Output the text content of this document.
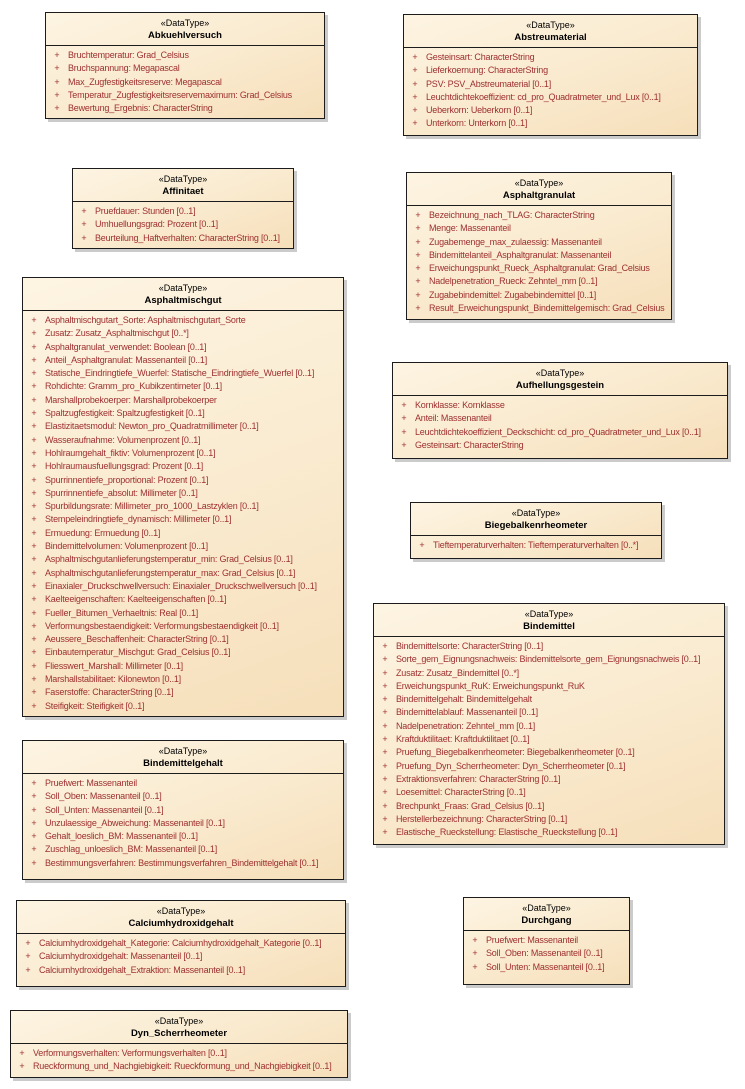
«DataType»
Abkuehlversuch
+ Bruchtemperatur: Grad_Celsius
+ Bruchspannung: Megapascal
+ Max_Zugfestigkeitsreserve: Megapascal
+ Temperatur_Zugfestigkeitsreservemaximum: Grad_Celsius
+ Bewertung_Ergebnis: CharacterString
«DataType»
Abstreumaterial
+ Gesteinsart: CharacterString
+ Lieferkoernung: CharacterString
+ PSV: PSV_Abstreumaterial [0..1]
+ Leuchtdichtekoeffizient: cd_pro_Quadratmeter_und_Lux [0..1]
+ Ueberkorn: Ueberkorn [0..1]
+ Unterkorn: Unterkorn [0..1]
«DataType»
Affinitaet
+ Pruefdauer: Stunden [0..1]
+ Umhuellungsgrad: Prozent [0..1]
+ Beurteilung_Haftverhalten: CharacterString [0..1]
«DataType»
Asphaltgranulat
+ Bezeichnung_nach_TLAG: CharacterString
+ Menge: Massenanteil
+ Zugabemenge_max_zulaessig: Massenanteil
+ Bindemittelanteil_Asphaltgranulat: Massenanteil
+ Erweichungspunkt_Rueck_Asphaltgranulat: Grad_Celsius
+ Nadelpenetration_Rueck: Zehntel_mm [0..1]
+ Zugabebindemittel: Zugabebindemittel [0..1]
+ Result_Erweichungspunkt_Bindemittelgemisch: Grad_Celsius
«DataType»
Asphaltmischgut
+ Asphaltmischgutart_Sorte: Asphaltmischgutart_Sorte
+ Zusatz: Zusatz_Asphaltmischgut [0..*]
+ Asphaltgranulat_verwendet: Boolean [0..1]
+ Anteil_Asphaltgranulat: Massenanteil [0..1]
+ Statische_Eindringtiefe_Wuerfel: Statische_Eindringtiefe_Wuerfel [0..1]
+ Rohdichte: Gramm_pro_Kubikzentimeter [0..1]
+ Marshallprobekoerper: Marshallprobekoerper
+ Spaltzugfestigkeit: Spaltzugfestigkeit [0..1]
+ Elastizitaetsmodul: Newton_pro_Quadratmillimeter [0..1]
+ Wasseraufnahme: Volumenprozent [0..1]
+ Hohlraumgehalt_fiktiv: Volumenprozent [0..1]
+ Hohlraumausfuellungsgrad: Prozent [0..1]
+ Spurrinnentiefe_proportional: Prozent [0..1]
+ Spurrinnentiefe_absolut: Millimeter [0..1]
+ Spurbildungsrate: Millimeter_pro_1000_Lastzyklen [0..1]
+ Stempeleindringtiefe_dynamisch: Millimeter [0..1]
+ Ermuedung: Ermuedung [0..1]
+ Bindemittelvolumen: Volumenprozent [0..1]
+ Asphaltmischgutanlieferungstemperatur_min: Grad_Celsius [0..1]
+ Asphaltmischgutanlieferungstemperatur_max: Grad_Celsius [0..1]
+ Einaxialer_Druckschwellversuch: Einaxialer_Druckschwellversuch [0..1]
+ Kaelteeigenschaften: Kaelteeigenschaften [0..1]
+ Fueller_Bitumen_Verhaeltnis: Real [0..1]
+ Verformungsbestaendigkeit: Verformungsbestaendigkeit [0..1]
+ Aeussere_Beschaffenheit: CharacterString [0..1]
+ Einbautemperatur_Mischgut: Grad_Celsius [0..1]
+ Fliesswert_Marshall: Millimeter [0..1]
+ Marshallstabilitaet: Kilonewton [0..1]
+ Faserstoffe: CharacterString [0..1]
+ Steifigkeit: Steifigkeit [0..1]
«DataType»
Aufhellungsgestein
+ Kornklasse: Kornklasse
+ Anteil: Massenanteil
+ Leuchtdichtekoeffizient_Deckschicht: cd_pro_Quadratmeter_und_Lux [0..1]
+ Gesteinsart: CharacterString
«DataType»
Biegebalkenrheometer
+ Tieftemperaturverhalten: Tieftemperaturverhalten [0..*]
«DataType»
Bindemittel
+ Bindemittelsorte: CharacterString [0..1]
+ Sorte_gem_Eignungsnachweis: Bindemittelsorte_gem_Eignungsnachweis [0..1]
+ Zusatz: Zusatz_Bindemittel [0..*]
+ Erweichungspunkt_RuK: Erweichungspunkt_RuK
+ Bindemittelgehalt: Bindemittelgehalt
+ Bindemittelablauf: Massenanteil [0..1]
+ Nadelpenetration: Zehntel_mm [0..1]
+ Kraftduktilitaet: Kraftduktilitaet [0..1]
+ Pruefung_Biegebalkenrheometer: Biegebalkenrheometer [0..1]
+ Pruefung_Dyn_Scherrheometer: Dyn_Scherrheometer [0..1]
+ Extraktionsverfahren: CharacterString [0..1]
+ Loesemittel: CharacterString [0..1]
+ Brechpunkt_Fraas: Grad_Celsius [0..1]
+ Herstellerbezeichnung: CharacterString [0..1]
+ Elastische_Rueckstellung: Elastische_Rueckstellung [0..1]
«DataType»
Bindemittelgehalt
+ Pruefwert: Massenanteil
+ Soll_Oben: Massenanteil [0..1]
+ Soll_Unten: Massenanteil [0..1]
+ Unzulaessige_Abweichung: Massenanteil [0..1]
+ Gehalt_loeslich_BM: Massenanteil [0..1]
+ Zuschlag_unloeslich_BM: Massenanteil [0..1]
+ Bestimmungsverfahren: Bestimmungsverfahren_Bindemittelgehalt [0..1]
«DataType»
Calciumhydroxidgehalt
+ Calciumhydroxidgehalt_Kategorie: Calciumhydroxidgehalt_Kategorie [0..1]
+ Calciumhydroxidgehalt: Massenanteil [0..1]
+ Calciumhydroxidgehalt_Extraktion: Massenanteil [0..1]
«DataType»
Durchgang
+ Pruefwert: Massenanteil
+ Soll_Oben: Massenanteil [0..1]
+ Soll_Unten: Massenanteil [0..1]
«DataType»
Dyn_Scherrheometer
+ Verformungsverhalten: Verformungsverhalten [0..1]
+ Rueckformung_und_Nachgiebigkeit: Rueckformung_und_Nachgiebigkeit [0..1]
